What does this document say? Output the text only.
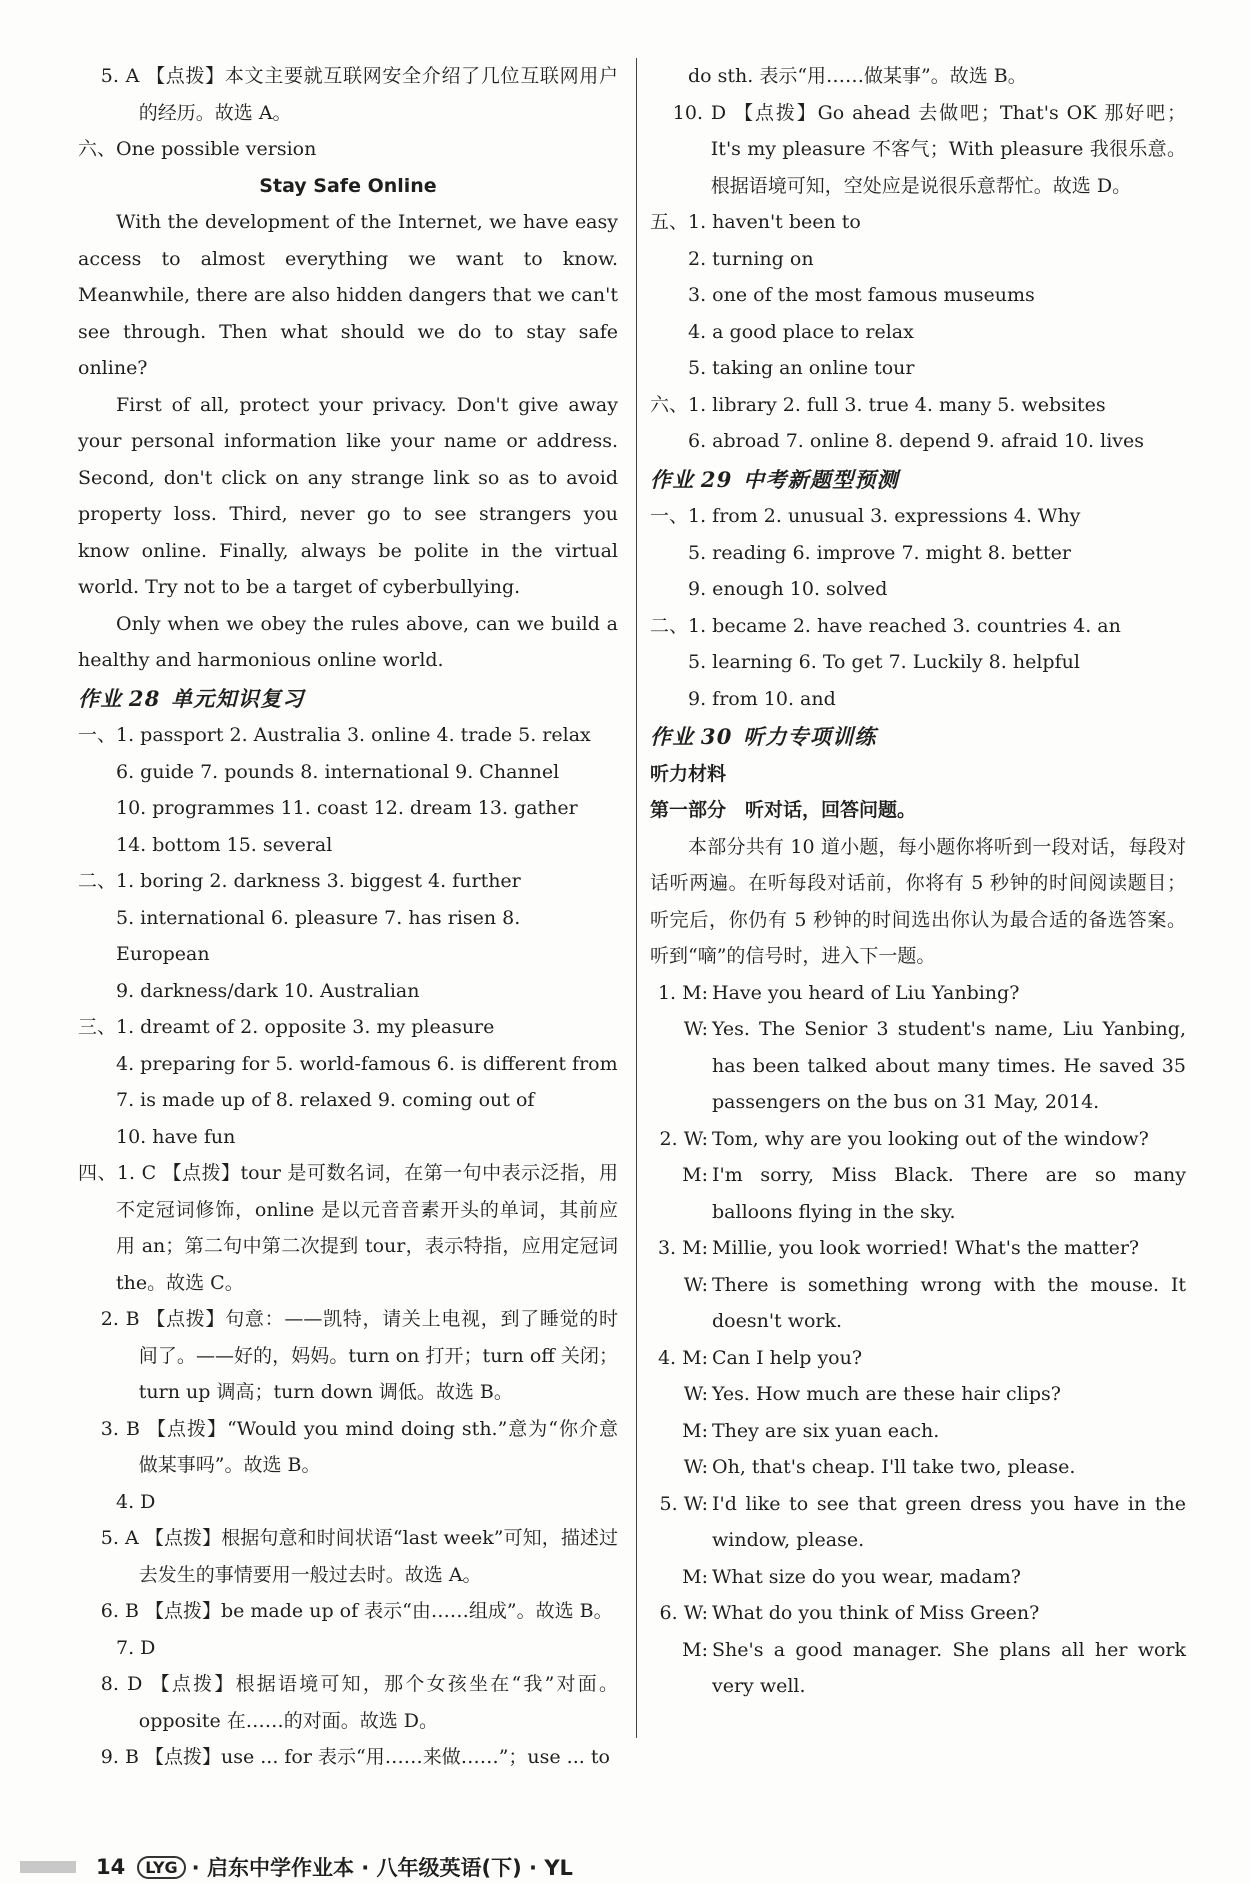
5. A 【点拨】本文主要就互联网安全介绍了几位互联网用户的经历。故选 A。

六、One possible version

Stay Safe Online

With the development of the Internet, we have easy access to almost everything we want to know. Meanwhile, there are also hidden dangers that we can't see through. Then what should we do to stay safe online?

First of all, protect your privacy. Don't give away your personal information like your name or address. Second, don't click on any strange link so as to avoid property loss. Third, never go to see strangers you know online. Finally, always be polite in the virtual world. Try not to be a target of cyberbullying.

Only when we obey the rules above, can we build a healthy and harmonious online world.

作业 28 单元知识复习

一、1. passport 2. Australia 3. online 4. trade 5. relax

6. guide 7. pounds 8. international 9. Channel

10. programmes 11. coast 12. dream 13. gather

14. bottom 15. several

二、1. boring 2. darkness 3. biggest 4. further

5. international 6. pleasure 7. has risen 8. European

9. darkness/dark 10. Australian

三、1. dreamt of 2. opposite 3. my pleasure

4. preparing for 5. world-famous 6. is different from

7. is made up of 8. relaxed 9. coming out of

10. have fun

四、1. C 【点拨】tour 是可数名词，在第一句中表示泛指，用不定冠词修饰，online 是以元音音素开头的单词，其前应用 an；第二句中第二次提到 tour，表示特指，应用定冠词 the。故选 C。

2. B 【点拨】句意：——凯特，请关上电视，到了睡觉的时间了。——好的，妈妈。turn on 打开；turn off 关闭；turn up 调高；turn down 调低。故选 B。

3. B 【点拨】“Would you mind doing sth.”意为“你介意做某事吗”。故选 B。

4. D

5. A 【点拨】根据句意和时间状语“last week”可知，描述过去发生的事情要用一般过去时。故选 A。

6. B 【点拨】be made up of 表示“由……组成”。故选 B。

7. D

8. D 【点拨】根据语境可知，那个女孩坐在“我”对面。opposite 在……的对面。故选 D。

9. B 【点拨】use ... for 表示“用……来做……”；use ... to

do sth. 表示“用……做某事”。故选 B。

10. D 【点拨】Go ahead 去做吧；That's OK 那好吧；It's my pleasure 不客气；With pleasure 我很乐意。根据语境可知，空处应是说很乐意帮忙。故选 D。

五、1. haven't been to

2. turning on

3. one of the most famous museums

4. a good place to relax

5. taking an online tour

六、1. library 2. full 3. true 4. many 5. websites

6. abroad 7. online 8. depend 9. afraid 10. lives

作业 29 中考新题型预测

一、1. from 2. unusual 3. expressions 4. Why

5. reading 6. improve 7. might 8. better

9. enough 10. solved

二、1. became 2. have reached 3. countries 4. an

5. learning 6. To get 7. Luckily 8. helpful

9. from 10. and

作业 30 听力专项训练

听力材料

第一部分　听对话，回答问题。

本部分共有 10 道小题，每小题你将听到一段对话，每段对话听两遍。在听每段对话前，你将有 5 秒钟的时间阅读题目；听完后，你仍有 5 秒钟的时间选出你认为最合适的备选答案。听到“嘀”的信号时，进入下一题。

1. M: Have you heard of Liu Yanbing?
W: Yes. The Senior 3 student's name, Liu Yanbing, has been talked about many times. He saved 35 passengers on the bus on 31 May, 2014.
2. W: Tom, why are you looking out of the window?
M: I'm sorry, Miss Black. There are so many balloons flying in the sky.
3. M: Millie, you look worried! What's the matter?
W: There is something wrong with the mouse. It doesn't work.
4. M: Can I help you?
W: Yes. How much are these hair clips?
M: They are six yuan each.
W: Oh, that's cheap. I'll take two, please.
5. W: I'd like to see that green dress you have in the window, please.
M: What size do you wear, madam?
6. W: What do you think of Miss Green?
M: She's a good manager. She plans all her work very well.
14	LYG · 启东中学作业本 · 八年级英语(下) · YL
